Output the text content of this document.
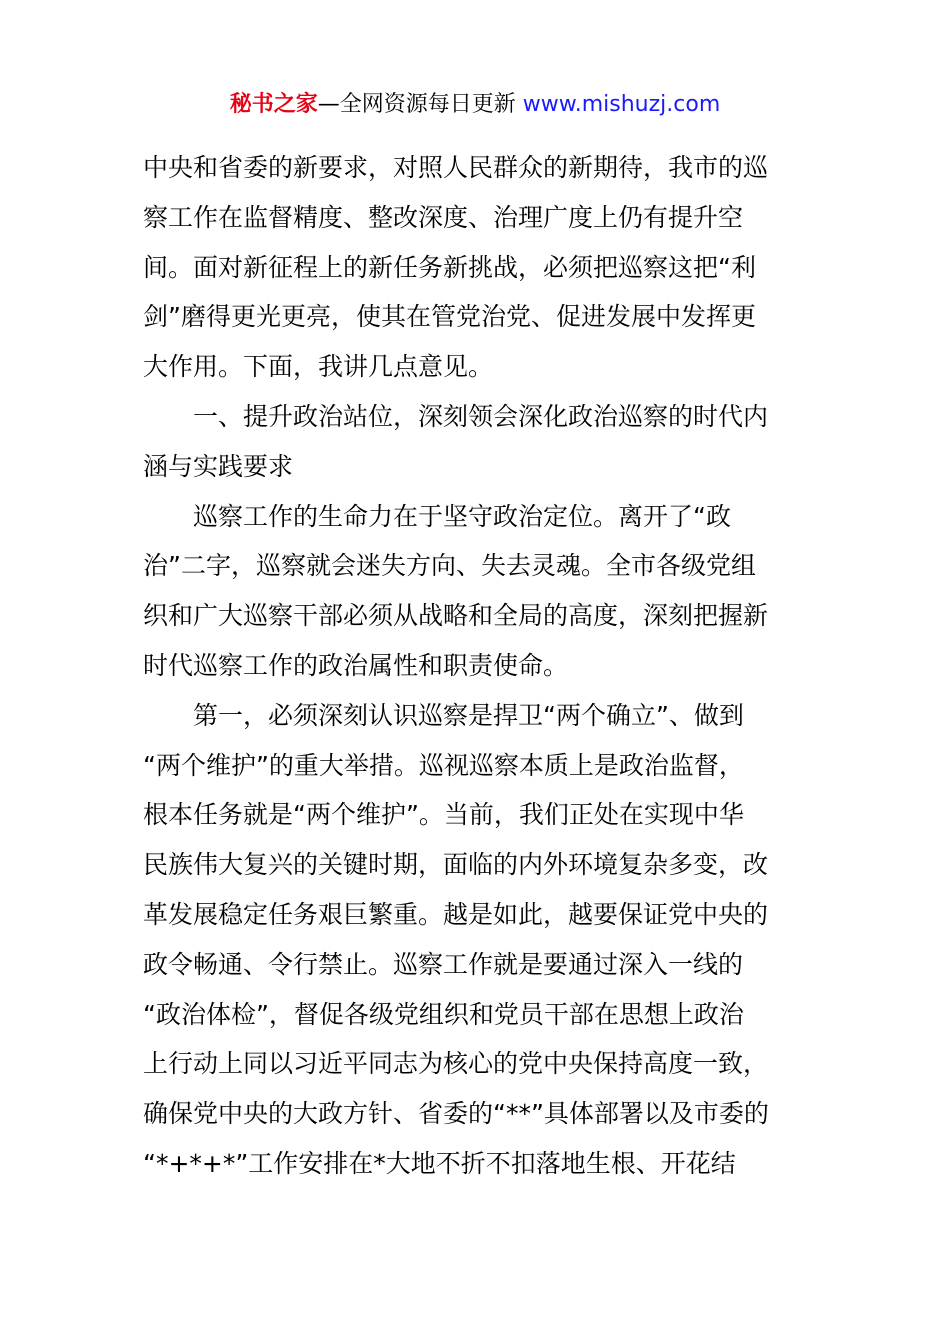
秘书之家—全网资源每日更新 www.mishuzj.com
中央和省委的新要求，对照人民群众的新期待，我市的巡
察工作在监督精度、整改深度、治理广度上仍有提升空
间。面对新征程上的新任务新挑战，必须把巡察这把“利
剑”磨得更光更亮，使其在管党治党、促进发展中发挥更
大作用。下面，我讲几点意见。
一、提升政治站位，深刻领会深化政治巡察的时代内
涵与实践要求
巡察工作的生命力在于坚守政治定位。离开了“政
治”二字，巡察就会迷失方向、失去灵魂。全市各级党组
织和广大巡察干部必须从战略和全局的高度，深刻把握新
时代巡察工作的政治属性和职责使命。
第一，必须深刻认识巡察是捍卫“两个确立”、做到
“两个维护”的重大举措。巡视巡察本质上是政治监督，
根本任务就是“两个维护”。当前，我们正处在实现中华
民族伟大复兴的关键时期，面临的内外环境复杂多变，改
革发展稳定任务艰巨繁重。越是如此，越要保证党中央的
政令畅通、令行禁止。巡察工作就是要通过深入一线的
“政治体检”，督促各级党组织和党员干部在思想上政治
上行动上同以习近平同志为核心的党中央保持高度一致，
确保党中央的大政方针、省委的“**”具体部署以及市委的
“*+*+*”工作安排在*大地不折不扣落地生根、开花结
